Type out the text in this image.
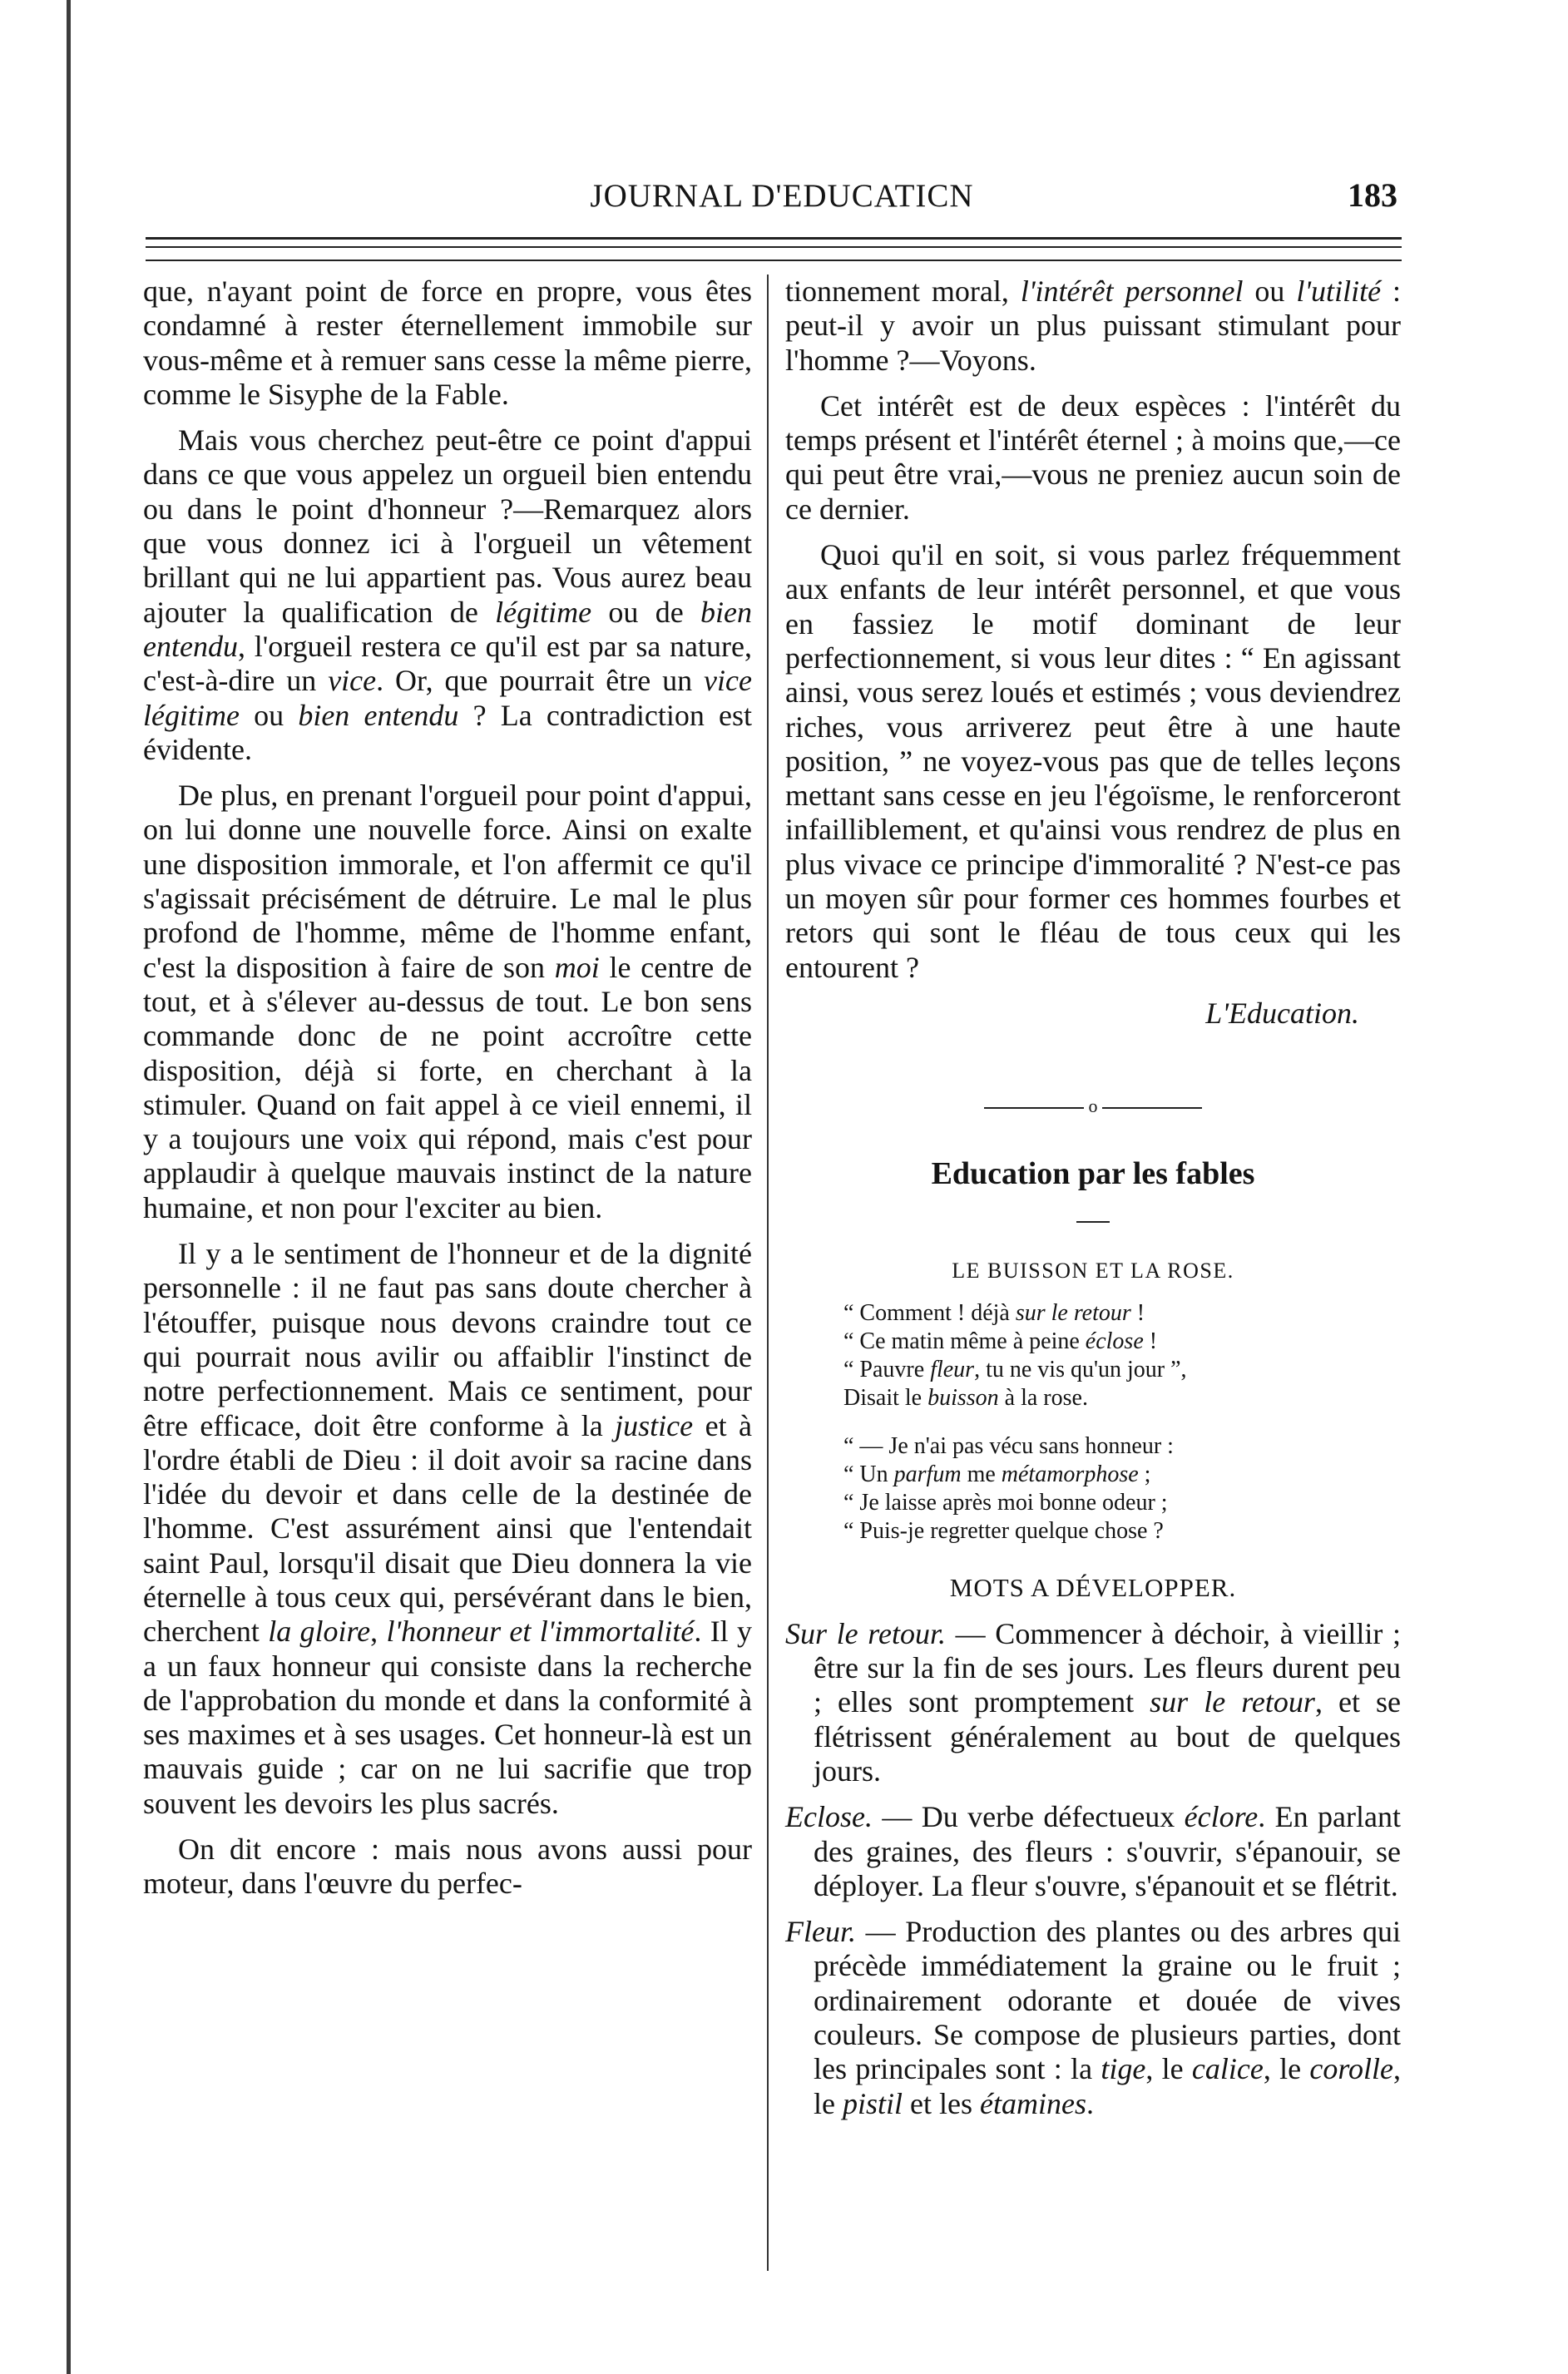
JOURNAL D'EDUCATICN	183

que, n'ayant point de force en propre, vous êtes condamné à rester éternellement immobile sur vous-même et à remuer sans cesse la même pierre, comme le Sisyphe de la Fable.

Mais vous cherchez peut-être ce point d'appui dans ce que vous appelez un orgueil bien entendu ou dans le point d'honneur ?—Remarquez alors que vous donnez ici à l'orgueil un vêtement brillant qui ne lui appartient pas. Vous aurez beau ajouter la qualification de légitime ou de bien entendu, l'orgueil restera ce qu'il est par sa nature, c'est-à-dire un vice. Or, que pourrait être un vice légitime ou bien entendu ? La contradiction est évidente.

De plus, en prenant l'orgueil pour point d'appui, on lui donne une nouvelle force. Ainsi on exalte une disposition immorale, et l'on affermit ce qu'il s'agissait précisément de détruire. Le mal le plus profond de l'homme, même de l'homme enfant, c'est la disposition à faire de son moi le centre de tout, et à s'élever au-dessus de tout. Le bon sens commande donc de ne point accroître cette disposition, déjà si forte, en cherchant à la stimuler. Quand on fait appel à ce vieil ennemi, il y a toujours une voix qui répond, mais c'est pour applaudir à quelque mauvais instinct de la nature humaine, et non pour l'exciter au bien.

Il y a le sentiment de l'honneur et de la dignité personnelle : il ne faut pas sans doute chercher à l'étouffer, puisque nous devons craindre tout ce qui pourrait nous avilir ou affaiblir l'instinct de notre perfectionnement. Mais ce sentiment, pour être efficace, doit être conforme à la justice et à l'ordre établi de Dieu : il doit avoir sa racine dans l'idée du devoir et dans celle de la destinée de l'homme. C'est assurément ainsi que l'entendait saint Paul, lorsqu'il disait que Dieu donnera la vie éternelle à tous ceux qui, persévérant dans le bien, cherchent la gloire, l'honneur et l'immortalité. Il y a un faux honneur qui consiste dans la recherche de l'approbation du monde et dans la conformité à ses maximes et à ses usages. Cet honneur-là est un mauvais guide ; car on ne lui sacrifie que trop souvent les devoirs les plus sacrés.

On dit encore : mais nous avons aussi pour moteur, dans l'œuvre du perfec-

tionnement moral, l'intérêt personnel ou l'utilité : peut-il y avoir un plus puissant stimulant pour l'homme ?—Voyons.

Cet intérêt est de deux espèces : l'intérêt du temps présent et l'intérêt éternel ; à moins que,—ce qui peut être vrai,—vous ne preniez aucun soin de ce dernier.

Quoi qu'il en soit, si vous parlez fréquemment aux enfants de leur intérêt personnel, et que vous en fassiez le motif dominant de leur perfectionnement, si vous leur dites : “ En agissant ainsi, vous serez loués et estimés ; vous deviendrez riches, vous arriverez peut être à une haute position, ” ne voyez-vous pas que de telles leçons mettant sans cesse en jeu l'égoïsme, le renforceront infailliblement, et qu'ainsi vous rendrez de plus en plus vivace ce principe d'immoralité ? N'est-ce pas un moyen sûr pour former ces hommes fourbes et retors qui sont le fléau de tous ceux qui les entourent ?

L'Education.

o
Education par les fables
LE BUISSON ET LA ROSE.

“ Comment ! déjà sur le retour !

“ Ce matin même à peine éclose !

“ Pauvre fleur, tu ne vis qu'un jour ”,

Disait le buisson à la rose.

“ — Je n'ai pas vécu sans honneur :

“ Un parfum me métamorphose ;

“ Je laisse après moi bonne odeur ;

“ Puis-je regretter quelque chose ?

MOTS A DÉVELOPPER.

Sur le retour. — Commencer à déchoir, à vieillir ; être sur la fin de ses jours. Les fleurs durent peu ; elles sont promptement sur le retour, et se flétrissent généralement au bout de quelques jours.

Eclose. — Du verbe défectueux éclore. En parlant des graines, des fleurs : s'ouvrir, s'épanouir, se déployer. La fleur s'ouvre, s'épanouit et se flétrit.

Fleur. — Production des plantes ou des arbres qui précède immédiatement la graine ou le fruit ; ordinairement odorante et douée de vives couleurs. Se compose de plusieurs parties, dont les principales sont : la tige, le calice, le corolle, le pistil et les étamines.
